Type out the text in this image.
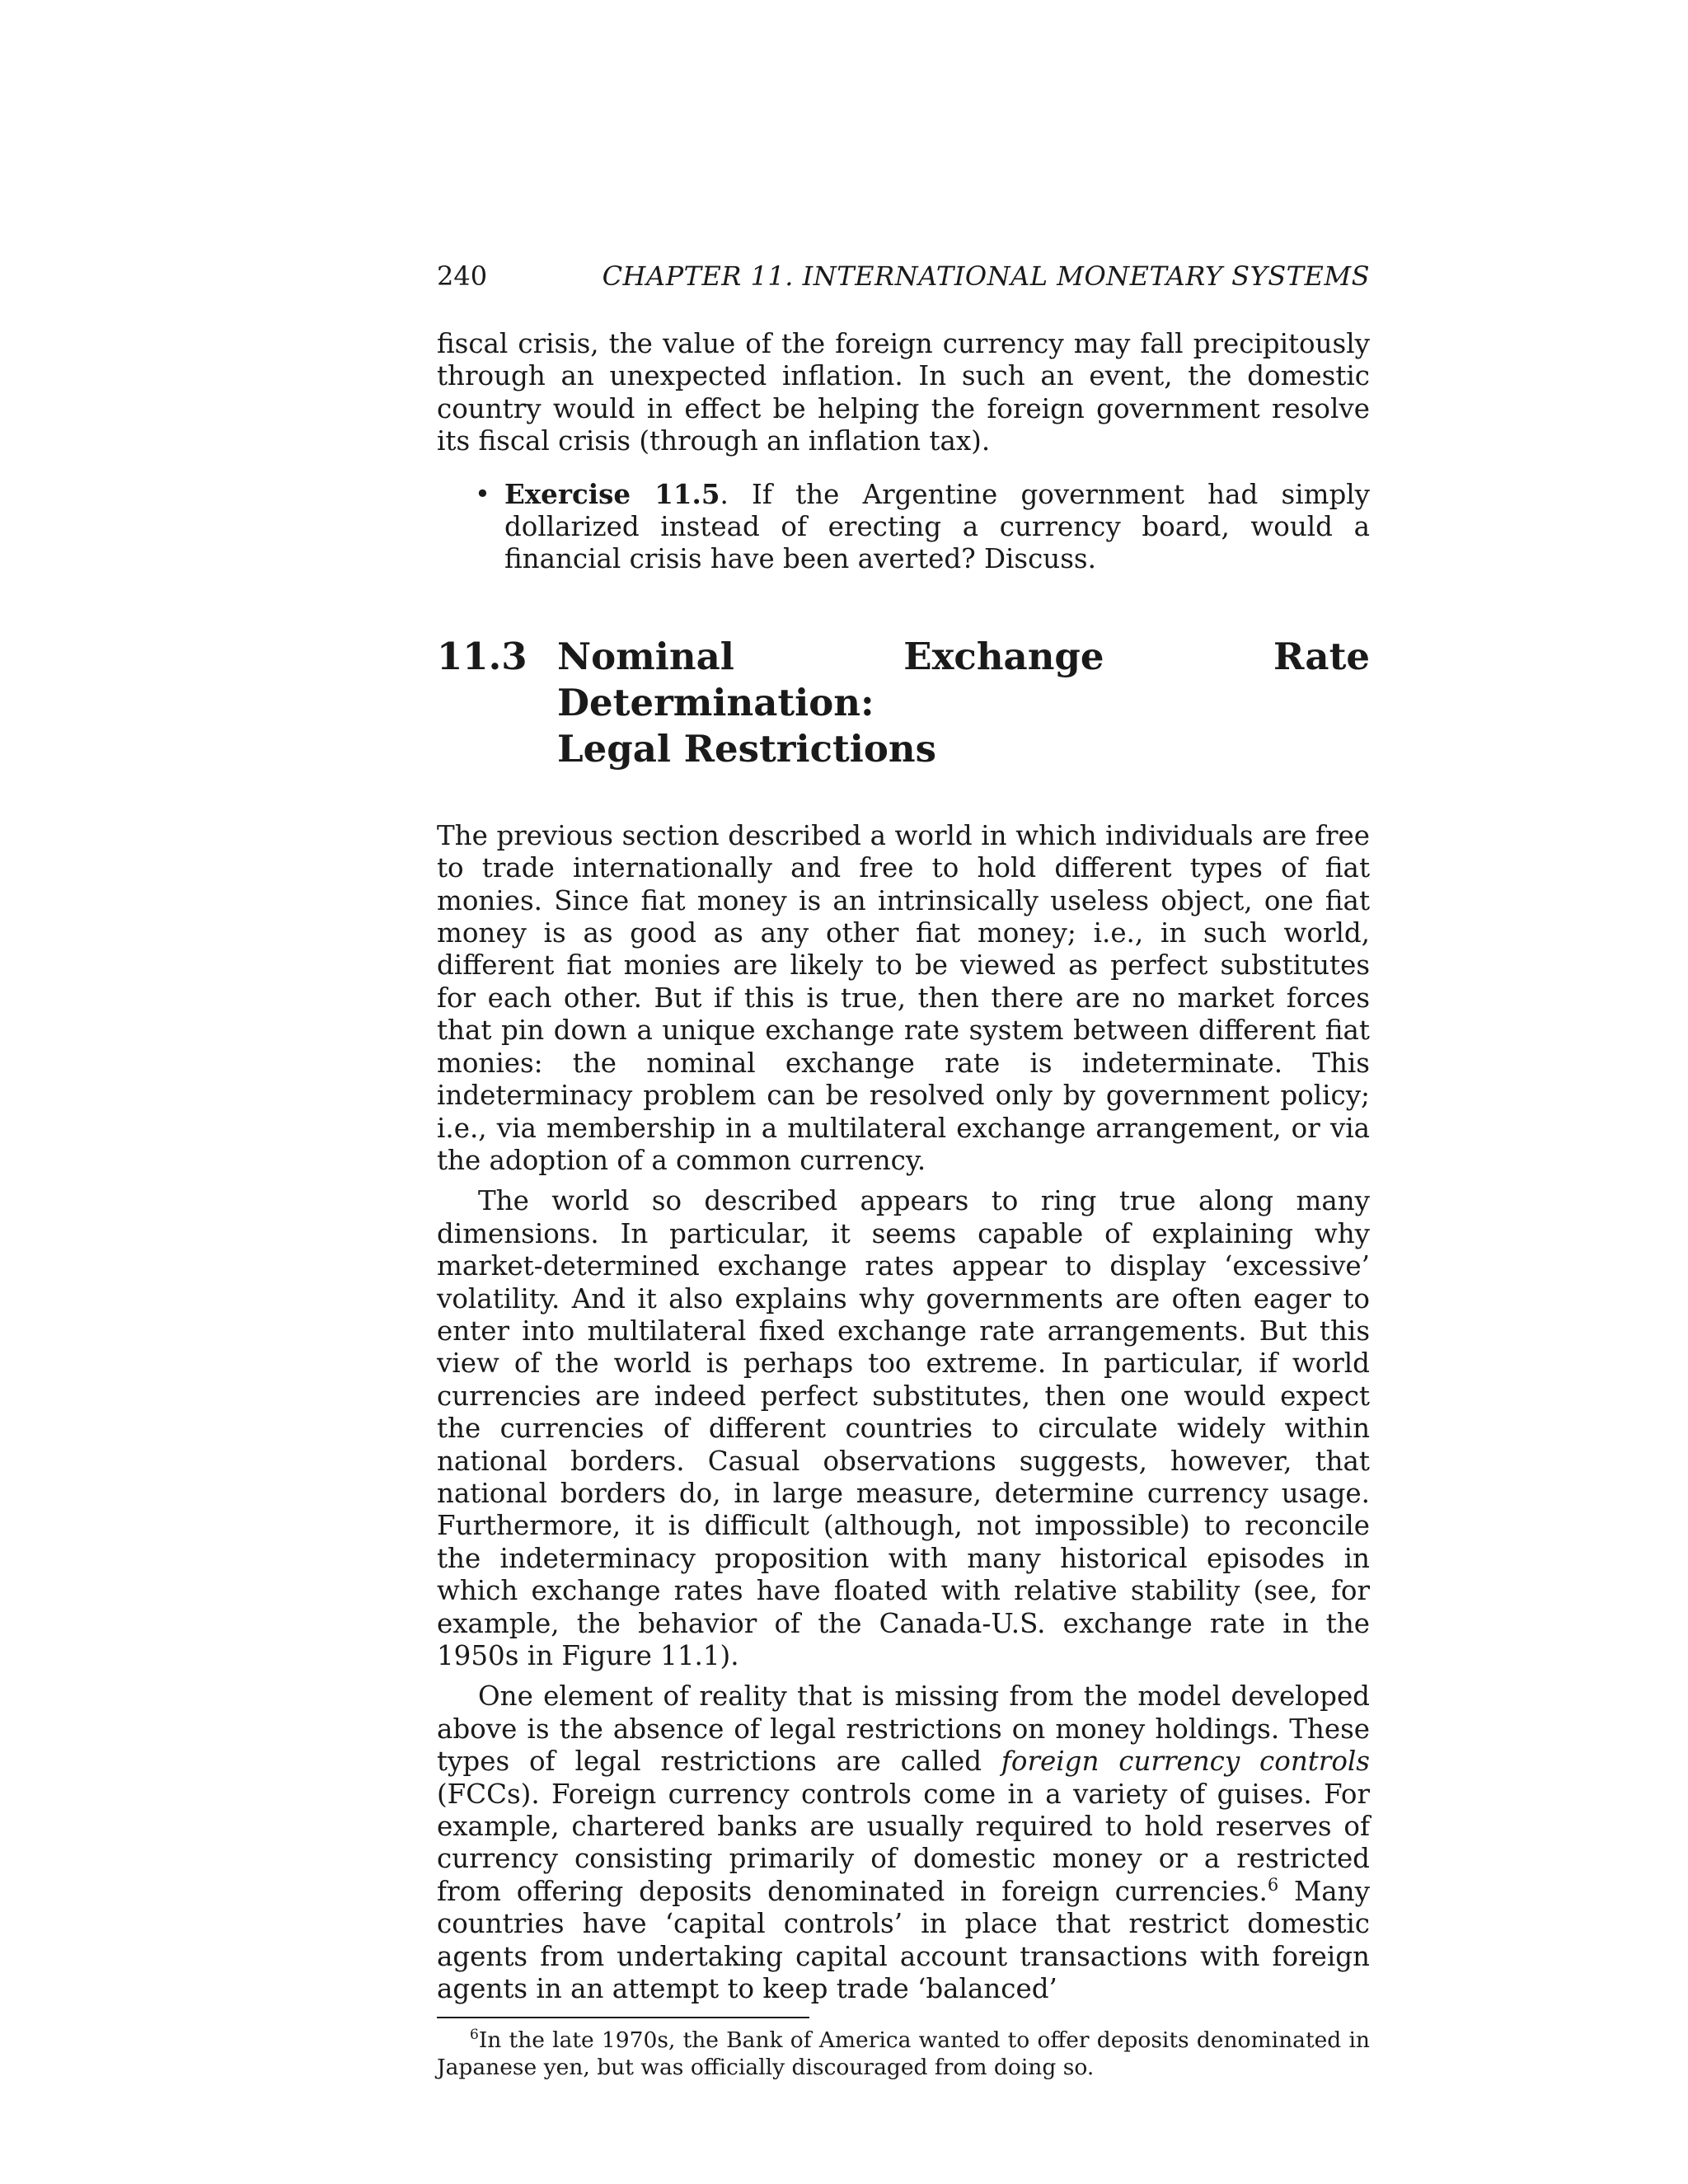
240	CHAPTER 11. INTERNATIONAL MONETARY SYSTEMS

fiscal crisis, the value of the foreign currency may fall precipitously through an unexpected inflation. In such an event, the domestic country would in effect be helping the foreign government resolve its fiscal crisis (through an inflation tax).

• Exercise 11.5. If the Argentine government had simply dollarized instead of erecting a currency board, would a financial crisis have been averted? Discuss.

11.3 Nominal Exchange Rate Determination:
Legal Restrictions

The previous section described a world in which individuals are free to trade internationally and free to hold different types of fiat monies. Since fiat money is an intrinsically useless object, one fiat money is as good as any other fiat money; i.e., in such world, different fiat monies are likely to be viewed as perfect substitutes for each other. But if this is true, then there are no market forces that pin down a unique exchange rate system between different fiat monies: the nominal exchange rate is indeterminate. This indeterminacy problem can be resolved only by government policy; i.e., via membership in a multilateral exchange arrangement, or via the adoption of a common currency.

The world so described appears to ring true along many dimensions. In particular, it seems capable of explaining why market-determined exchange rates appear to display ‘excessive’ volatility. And it also explains why governments are often eager to enter into multilateral fixed exchange rate arrangements. But this view of the world is perhaps too extreme. In particular, if world currencies are indeed perfect substitutes, then one would expect the currencies of different countries to circulate widely within national borders. Casual observations suggests, however, that national borders do, in large measure, determine currency usage. Furthermore, it is difficult (although, not impossible) to reconcile the indeterminacy proposition with many historical episodes in which exchange rates have floated with relative stability (see, for example, the behavior of the Canada-U.S. exchange rate in the 1950s in Figure 11.1).

One element of reality that is missing from the model developed above is the absence of legal restrictions on money holdings. These types of legal restrictions are called foreign currency controls (FCCs). Foreign currency controls come in a variety of guises. For example, chartered banks are usually required to hold reserves of currency consisting primarily of domestic money or a restricted from offering deposits denominated in foreign currencies.$^6$ Many countries have ‘capital controls’ in place that restrict domestic agents from undertaking capital account transactions with foreign agents in an attempt to keep trade ‘balanced’

$^6$In the late 1970s, the Bank of America wanted to offer deposits denominated in Japanese yen, but was officially discouraged from doing so.
